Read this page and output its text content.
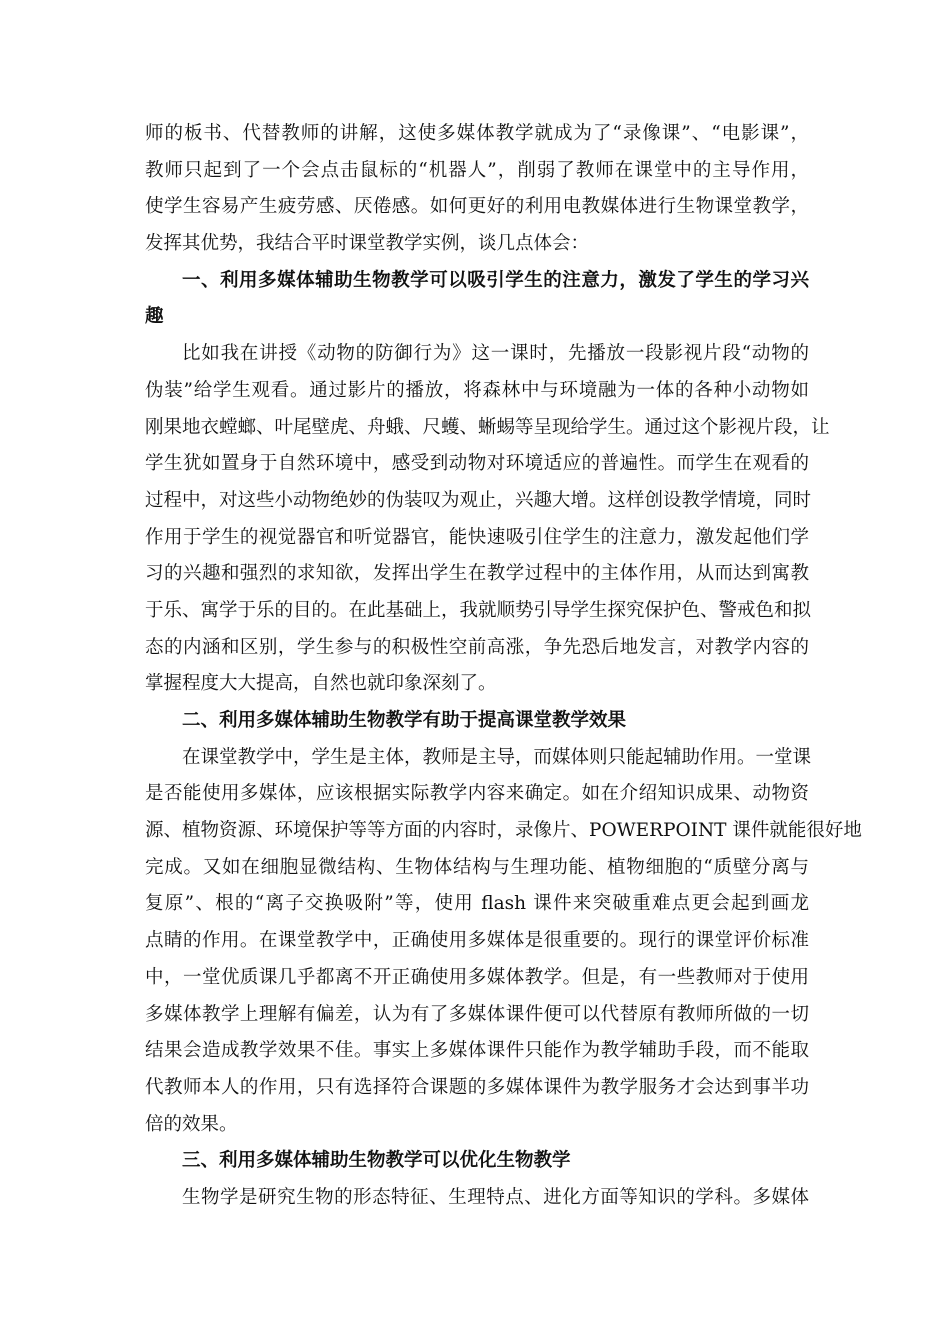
师的板书、代替教师的讲解，这使多媒体教学就成为了“录像课”、“电影课”，
教师只起到了一个会点击鼠标的“机器人”，削弱了教师在课堂中的主导作用，
使学生容易产生疲劳感、厌倦感。如何更好的利用电教媒体进行生物课堂教学，
发挥其优势，我结合平时课堂教学实例，谈几点体会：
一、利用多媒体辅助生物教学可以吸引学生的注意力，激发了学生的学习兴
趣
比如我在讲授《动物的防御行为》这一课时，先播放一段影视片段“动物的
伪装”给学生观看。通过影片的播放，将森林中与环境融为一体的各种小动物如
刚果地衣螳螂、叶尾壁虎、舟蛾、尺蠖、蜥蜴等呈现给学生。通过这个影视片段，让
学生犹如置身于自然环境中，感受到动物对环境适应的普遍性。而学生在观看的
过程中，对这些小动物绝妙的伪装叹为观止，兴趣大增。这样创设教学情境，同时
作用于学生的视觉器官和听觉器官，能快速吸引住学生的注意力，激发起他们学
习的兴趣和强烈的求知欲，发挥出学生在教学过程中的主体作用，从而达到寓教
于乐、寓学于乐的目的。在此基础上，我就顺势引导学生探究保护色、警戒色和拟
态的内涵和区别，学生参与的积极性空前高涨，争先恐后地发言，对教学内容的
掌握程度大大提高，自然也就印象深刻了。
二、利用多媒体辅助生物教学有助于提高课堂教学效果
在课堂教学中，学生是主体，教师是主导，而媒体则只能起辅助作用。一堂课
是否能使用多媒体，应该根据实际教学内容来确定。如在介绍知识成果、动物资
源、植物资源、环境保护等等方面的内容时，录像片、POWERPOINT 课件就能很好地
完成。又如在细胞显微结构、生物体结构与生理功能、植物细胞的“质壁分离与
复原”、根的“离子交换吸附”等，使用 flash 课件来突破重难点更会起到画龙
点睛的作用。在课堂教学中，正确使用多媒体是很重要的。现行的课堂评价标准
中，一堂优质课几乎都离不开正确使用多媒体教学。但是，有一些教师对于使用
多媒体教学上理解有偏差，认为有了多媒体课件便可以代替原有教师所做的一切
结果会造成教学效果不佳。事实上多媒体课件只能作为教学辅助手段，而不能取
代教师本人的作用，只有选择符合课题的多媒体课件为教学服务才会达到事半功
倍的效果。
三、利用多媒体辅助生物教学可以优化生物教学
生物学是研究生物的形态特征、生理特点、进化方面等知识的学科。多媒体
